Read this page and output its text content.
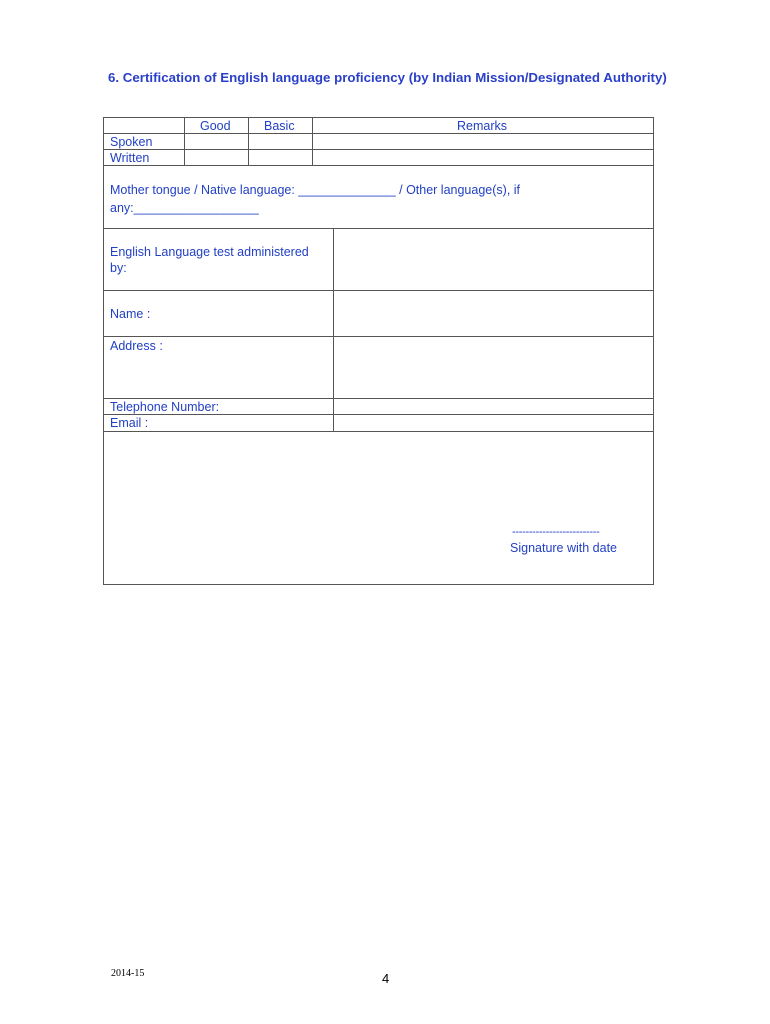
6. Certification of English language proficiency (by Indian Mission/Designated Authority)
Good	Basic	Remarks
Spoken
Written
Mother tongue / Native language: ______________ / Other language(s), if
any:__________________
English Language test administered
by:
Name :
Address :
Telephone Number:
Email :
--------------------------
Signature with date
2014-15	4
